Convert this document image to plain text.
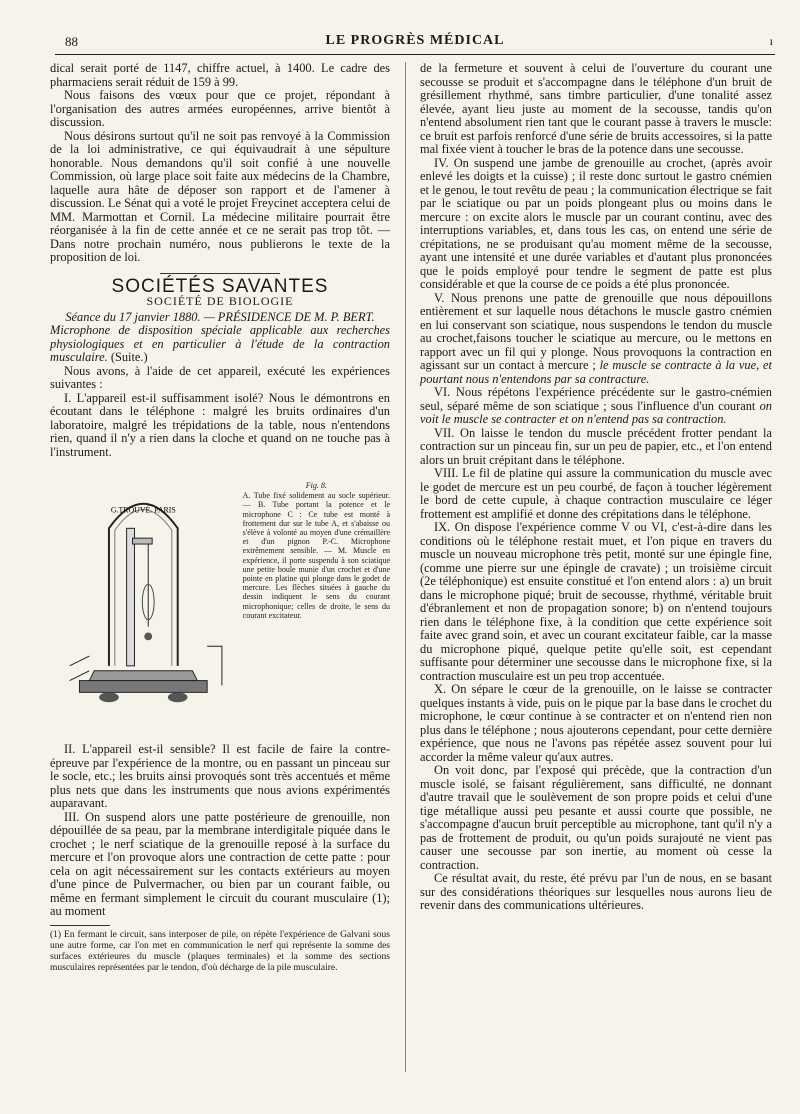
88	LE PROGRÈS MÉDICAL	ı

dical serait porté de 1147, chiffre actuel, à 1400. Le cadre des pharmaciens serait réduit de 159 à 99.

Nous faisons des vœux pour que ce projet, répondant à l'organisation des autres armées européennes, arrive bientôt à discussion.

Nous désirons surtout qu'il ne soit pas renvoyé à la Commission de la loi administrative, ce qui équivaudrait à une sépulture honorable. Nous demandons qu'il soit confié à une nouvelle Commission, où large place soit faite aux médecins de la Chambre, laquelle aura hâte de déposer son rapport et de l'amener à discussion. Le Sénat qui a voté le projet Freycinet acceptera celui de MM. Marmottan et Cornil. La médecine militaire pourrait être réorganisée à la fin de cette année et ce ne serait pas trop tôt. — Dans notre prochain numéro, nous publierons le texte de la proposition de loi.

SOCIÉTÉS SAVANTES
SOCIÉTÉ DE BIOLOGIE
Séance du 17 janvier 1880. — PRÉSIDENCE DE M. P. BERT.

Microphone de disposition spéciale applicable aux recherches physiologiques et en particulier à l'étude de la contraction musculaire. (Suite.)

Nous avons, à l'aide de cet appareil, exécuté les expériences suivantes :

I. L'appareil est-il suffisamment isolé? Nous le démontrons en écoutant dans le téléphone : malgré les bruits ordinaires d'un laboratoire, malgré les trépidations de la table, nous n'entendons rien, quand il n'y a rien dans la cloche et quand on ne touche pas à l'instrument.

G.TROUVÉ. PARIS
Fig. 8.
A. Tube fixé solidement au socle supérieur. — B. Tube portant la potence et le microphone C : Ce tube est monté à frottement dur sur le tube A, et s'abaisse ou s'élève à volonté au moyen d'une crémaillère et d'un pignon P.-C. Microphone extrêmement sensible. — M. Muscle en expérience, il porte suspendu à son sciatique une petite boule munie d'un crochet et d'une pointe en platine qui plonge dans le godet de mercure. Les flèches situées à gauche du dessin indiquent le sens du courant microphonique; celles de droite, le sens du courant excitateur.

II. L'appareil est-il sensible? Il est facile de faire la contre-épreuve par l'expérience de la montre, ou en passant un pinceau sur le socle, etc.; les bruits ainsi provoqués sont très accentués et même plus nets que dans les instruments que nous avions expérimentés auparavant.

III. On suspend alors une patte postérieure de grenouille, non dépouillée de sa peau, par la membrane interdigitale piquée dans le crochet ; le nerf sciatique de la grenouille reposé à la surface du mercure et l'on provoque alors une contraction de cette patte : pour cela on agit nécessairement sur les contacts extérieurs au moyen d'une pince de Pulvermacher, ou bien par un courant faible, ou même en fermant simplement le circuit du courant musculaire (1); au moment

(1) En fermant le circuit, sans interposer de pile, on répète l'expérience de Galvani sous une autre forme, car l'on met en communication le nerf qui représente la somme des surfaces extérieures du muscle (plaques terminales) et la somme des sections musculaires représentées par le tendon, d'où décharge de la pile musculaire.

de la fermeture et souvent à celui de l'ouverture du courant une secousse se produit et s'accompagne dans le téléphone d'un bruit de grésillement rhythmé, sans timbre particulier, d'une tonalité assez élevée, ayant lieu juste au moment de la secousse, tandis qu'on n'entend absolument rien tant que le courant passe à travers le muscle: ce bruit est parfois renforcé d'une série de bruits accessoires, si la patte mal fixée vient à toucher le bras de la potence dans une secousse.

IV. On suspend une jambe de grenouille au crochet, (après avoir enlevé les doigts et la cuisse) ; il reste donc surtout le gastro cnémien et le genou, le tout revêtu de peau ; la communication électrique se fait par le sciatique ou par un poids plongeant plus ou moins dans le mercure : on excite alors le muscle par un courant continu, avec des interruptions variables, et, dans tous les cas, on entend une série de crépitations, ne se produisant qu'au moment même de la secousse, ayant une intensité et une durée variables et d'autant plus prononcées que le poids employé pour tendre le segment de patte est plus considérable et que la course de ce poids a été plus prononcée.

V. Nous prenons une patte de grenouille que nous dépouillons entièrement et sur laquelle nous détachons le muscle gastro cnémien en lui conservant son sciatique, nous suspendons le tendon du muscle au crochet,faisons toucher le sciatique au mercure, ou le mettons en rapport avec un fil qui y plonge. Nous provoquons la contraction en agissant sur un contact à mercure ; le muscle se contracte à la vue, et pourtant nous n'entendons par sa contracture.

VI. Nous répétons l'expérience précédente sur le gastro-cnémien seul, séparé même de son sciatique ; sous l'influence d'un courant on voit le muscle se contracter et on n'entend pas sa contraction.

VII. On laisse le tendon du muscle précédent frotter pendant la contraction sur un pinceau fin, sur un peu de papier, etc., et l'on entend alors un bruit crépitant dans le téléphone.

VIII. Le fil de platine qui assure la communication du muscle avec le godet de mercure est un peu courbé, de façon à toucher légèrement le bord de cette cupule, à chaque contraction musculaire ce léger frottement est amplifié et donne des crépitations dans le téléphone.

IX. On dispose l'expérience comme V ou VI, c'est-à-dire dans les conditions où le téléphone restait muet, et l'on pique en travers du muscle un nouveau microphone très petit, monté sur une épingle fine, (comme une pierre sur une épingle de cravate) ; un troisième circuit (2e téléphonique) est ensuite constitué et l'on entend alors : a) un bruit dans le microphone piqué; bruit de secousse, rhythmé, véritable bruit d'ébranlement et non de propagation sonore; b) on n'entend toujours rien dans le téléphone fixe, à la condition que cette expérience soit faite avec grand soin, et avec un courant excitateur faible, car la masse du microphone piqué, quelque petite qu'elle soit, est cependant suffisante pour déterminer une secousse dans le microphone fixe, si la contraction musculaire est un peu trop accentuée.

X. On sépare le cœur de la grenouille, on le laisse se contracter quelques instants à vide, puis on le pique par la base dans le crochet du microphone, le cœur continue à se contracter et on n'entend rien non plus dans le téléphone ; nous ajouterons cependant, pour cette dernière expérience, que nous ne l'avons pas répétée assez souvent pour lui accorder la même valeur qu'aux autres.

On voit donc, par l'exposé qui précède, que la contraction d'un muscle isolé, se faisant régulièrement, sans difficulté, ne donnant d'autre travail que le soulèvement de son propre poids et celui d'une tige métallique aussi peu pesante et aussi courte que possible, ne s'accompagne d'aucun bruit perceptible au microphone, tant qu'il n'y a pas de frottement de produit, ou qu'un poids surajouté ne vient pas causer une secousse par son inertie, au moment où cesse la contraction.

Ce résultat avait, du reste, été prévu par l'un de nous, en se basant sur des considérations théoriques sur lesquelles nous aurons lieu de revenir dans des communications ultérieures.
